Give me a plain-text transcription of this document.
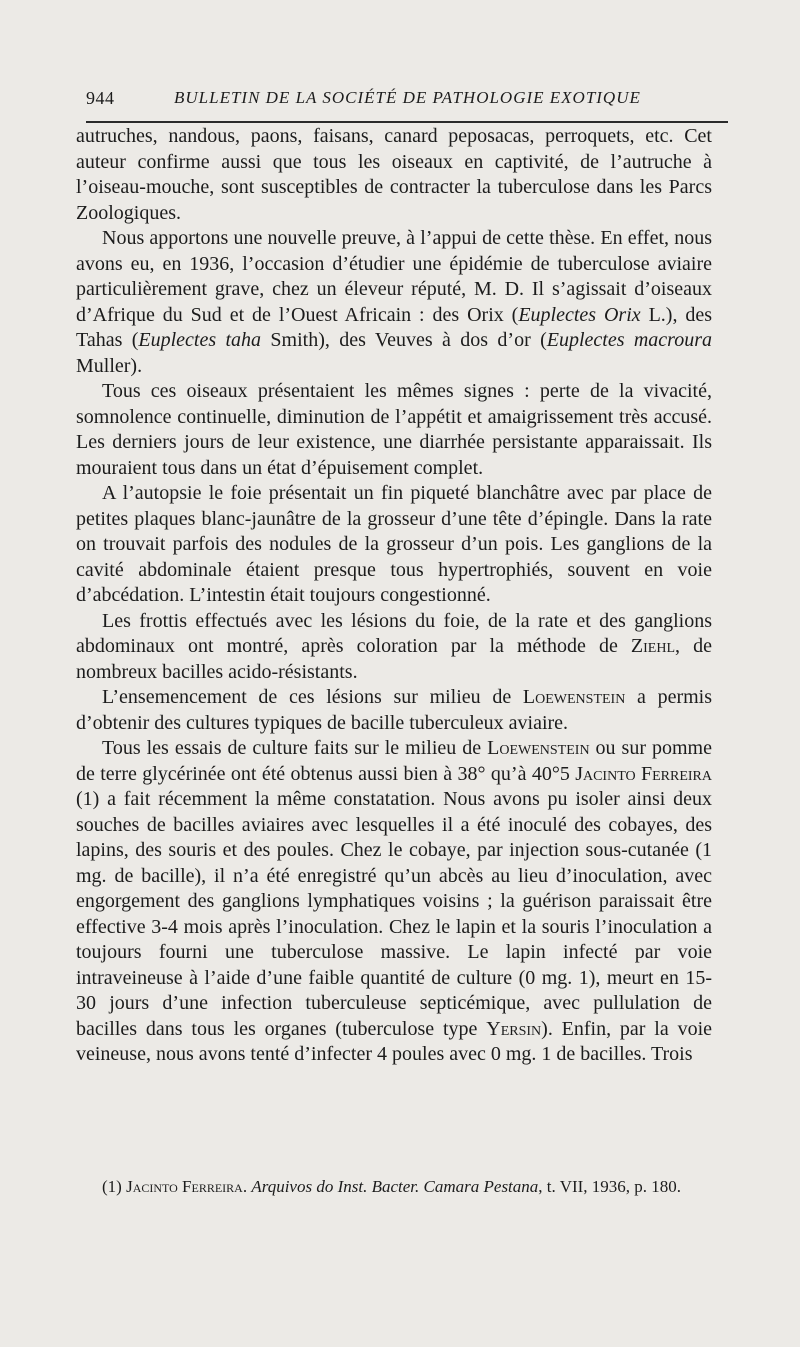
944	BULLETIN DE LA SOCIÉTÉ DE PATHOLOGIE EXOTIQUE

autruches, nandous, paons, faisans, canard peposacas, perroquets, etc. Cet auteur confirme aussi que tous les oiseaux en captivité, de l’autruche à l’oiseau-mouche, sont susceptibles de contracter la tuberculose dans les Parcs Zoologiques.

Nous apportons une nouvelle preuve, à l’appui de cette thèse. En effet, nous avons eu, en 1936, l’occasion d’étudier une épidémie de tuberculose aviaire particulièrement grave, chez un éleveur réputé, M. D. Il s’agissait d’oiseaux d’Afrique du Sud et de l’Ouest Africain : des Orix (Euplectes Orix L.), des Tahas (Euplectes taha Smith), des Veuves à dos d’or (Euplectes macroura Muller).

Tous ces oiseaux présentaient les mêmes signes : perte de la vivacité, somnolence continuelle, diminution de l’appétit et amaigrissement très accusé. Les derniers jours de leur existence, une diarrhée persistante apparaissait. Ils mouraient tous dans un état d’épuisement complet.

A l’autopsie le foie présentait un fin piqueté blanchâtre avec par place de petites plaques blanc-jaunâtre de la grosseur d’une tête d’épingle. Dans la rate on trouvait parfois des nodules de la grosseur d’un pois. Les ganglions de la cavité abdominale étaient presque tous hypertrophiés, souvent en voie d’abcédation. L’intestin était toujours congestionné.

Les frottis effectués avec les lésions du foie, de la rate et des ganglions abdominaux ont montré, après coloration par la méthode de Ziehl, de nombreux bacilles acido-résistants.

L’ensemencement de ces lésions sur milieu de Loewenstein a permis d’obtenir des cultures typiques de bacille tuberculeux aviaire.

Tous les essais de culture faits sur le milieu de Loewenstein ou sur pomme de terre glycérinée ont été obtenus aussi bien à 38° qu’à 40°5 Jacinto Ferreira (1) a fait récemment la même constatation. Nous avons pu isoler ainsi deux souches de bacilles aviaires avec lesquelles il a été inoculé des cobayes, des lapins, des souris et des poules. Chez le cobaye, par injection sous-cutanée (1 mg. de bacille), il n’a été enregistré qu’un abcès au lieu d’inoculation, avec engorgement des ganglions lymphatiques voisins ; la guérison paraissait être effective 3-4 mois après l’inoculation. Chez le lapin et la souris l’inoculation a toujours fourni une tuberculose massive. Le lapin infecté par voie intraveineuse à l’aide d’une faible quantité de culture (0 mg. 1), meurt en 15-30 jours d’une infection tuberculeuse septicémique, avec pullulation de bacilles dans tous les organes (tuberculose type Yersin). Enfin, par la voie veineuse, nous avons tenté d’infecter 4 poules avec 0 mg. 1 de bacilles. Trois

(1) Jacinto Ferreira. Arquivos do Inst. Bacter. Camara Pestana, t. VII, 1936, p. 180.
